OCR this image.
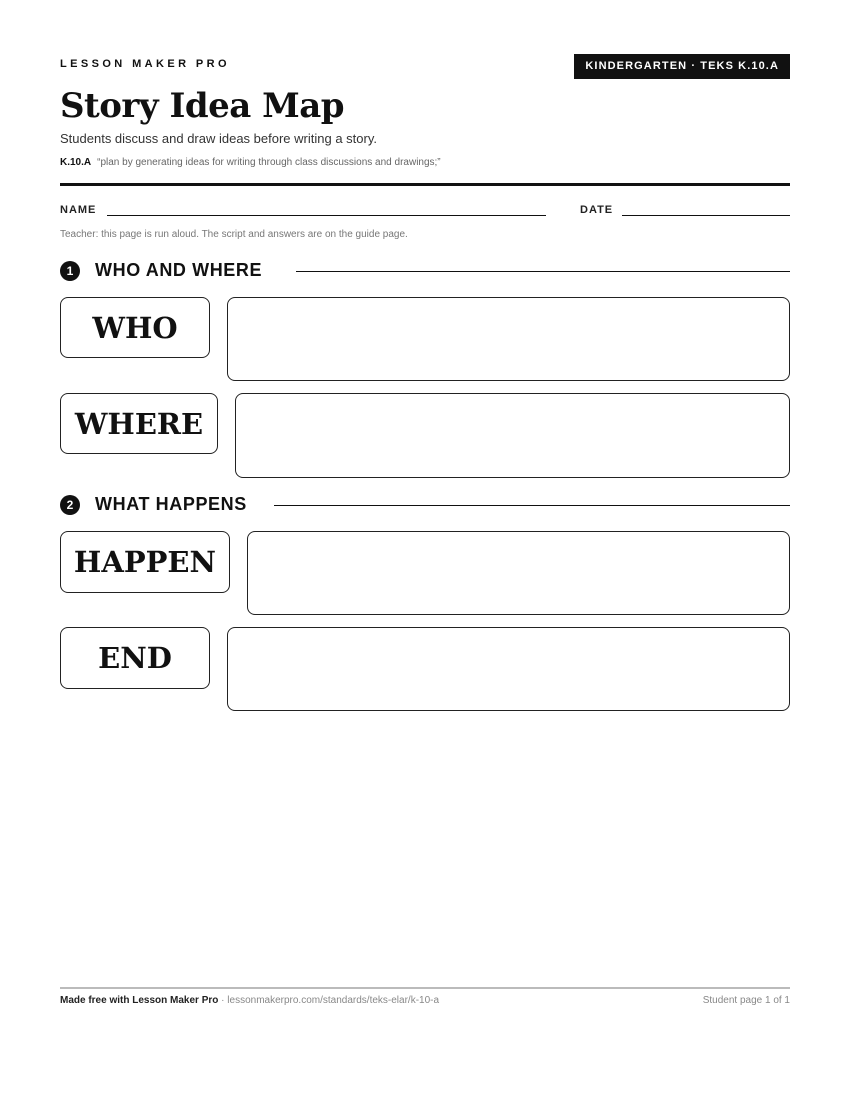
LESSON MAKER PRO	KINDERGARTEN · TEKS K.10.A
Story Idea Map
Students discuss and draw ideas before writing a story.
K.10.A “plan by generating ideas for writing through class discussions and drawings;”
NAME	DATE
Teacher: this page is run aloud. The script and answers are on the guide page.
1	WHO AND WHERE
WHO
WHERE
2	WHAT HAPPENS
HAPPEN
END
Made free with Lesson Maker Pro · lessonmakerpro.com/standards/teks-elar/k-10-a	Student page 1 of 1
